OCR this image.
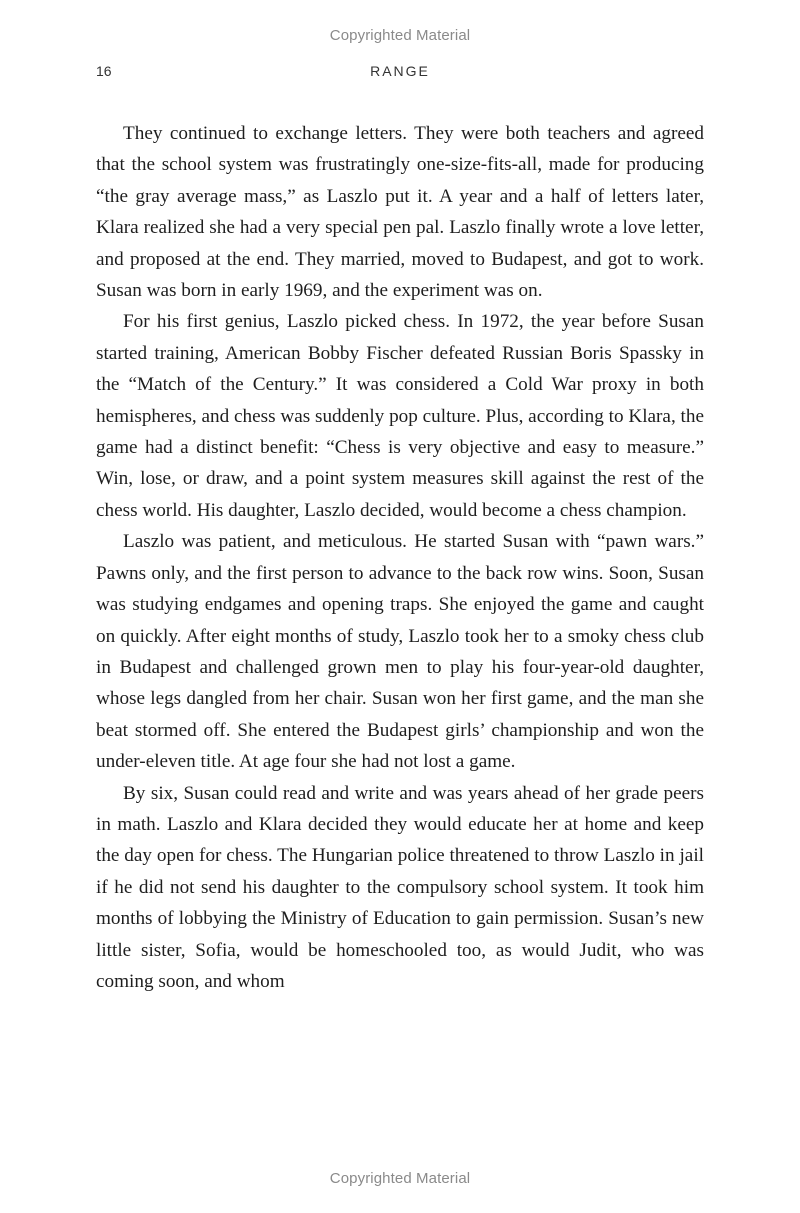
Copyrighted Material
16	RANGE

They continued to exchange letters. They were both teachers and agreed that the school system was frustratingly one-size-fits-all, made for producing “the gray average mass,” as Laszlo put it. A year and a half of letters later, Klara realized she had a very special pen pal. Laszlo finally wrote a love letter, and proposed at the end. They married, moved to Budapest, and got to work. Susan was born in early 1969, and the experiment was on.

For his first genius, Laszlo picked chess. In 1972, the year before Susan started training, American Bobby Fischer defeated Russian Boris Spassky in the “Match of the Century.” It was considered a Cold War proxy in both hemispheres, and chess was suddenly pop culture. Plus, according to Klara, the game had a distinct benefit: “Chess is very objective and easy to measure.” Win, lose, or draw, and a point system measures skill against the rest of the chess world. His daughter, Laszlo decided, would become a chess champion.

Laszlo was patient, and meticulous. He started Susan with “pawn wars.” Pawns only, and the first person to advance to the back row wins. Soon, Susan was studying endgames and opening traps. She enjoyed the game and caught on quickly. After eight months of study, Laszlo took her to a smoky chess club in Budapest and challenged grown men to play his four-year-old daughter, whose legs dangled from her chair. Susan won her first game, and the man she beat stormed off. She entered the Budapest girls’ championship and won the under-eleven title. At age four she had not lost a game.

By six, Susan could read and write and was years ahead of her grade peers in math. Laszlo and Klara decided they would educate her at home and keep the day open for chess. The Hungarian police threatened to throw Laszlo in jail if he did not send his daughter to the compulsory school system. It took him months of lobbying the Ministry of Education to gain permission. Susan’s new little sister, Sofia, would be homeschooled too, as would Judit, who was coming soon, and whom

Copyrighted Material
